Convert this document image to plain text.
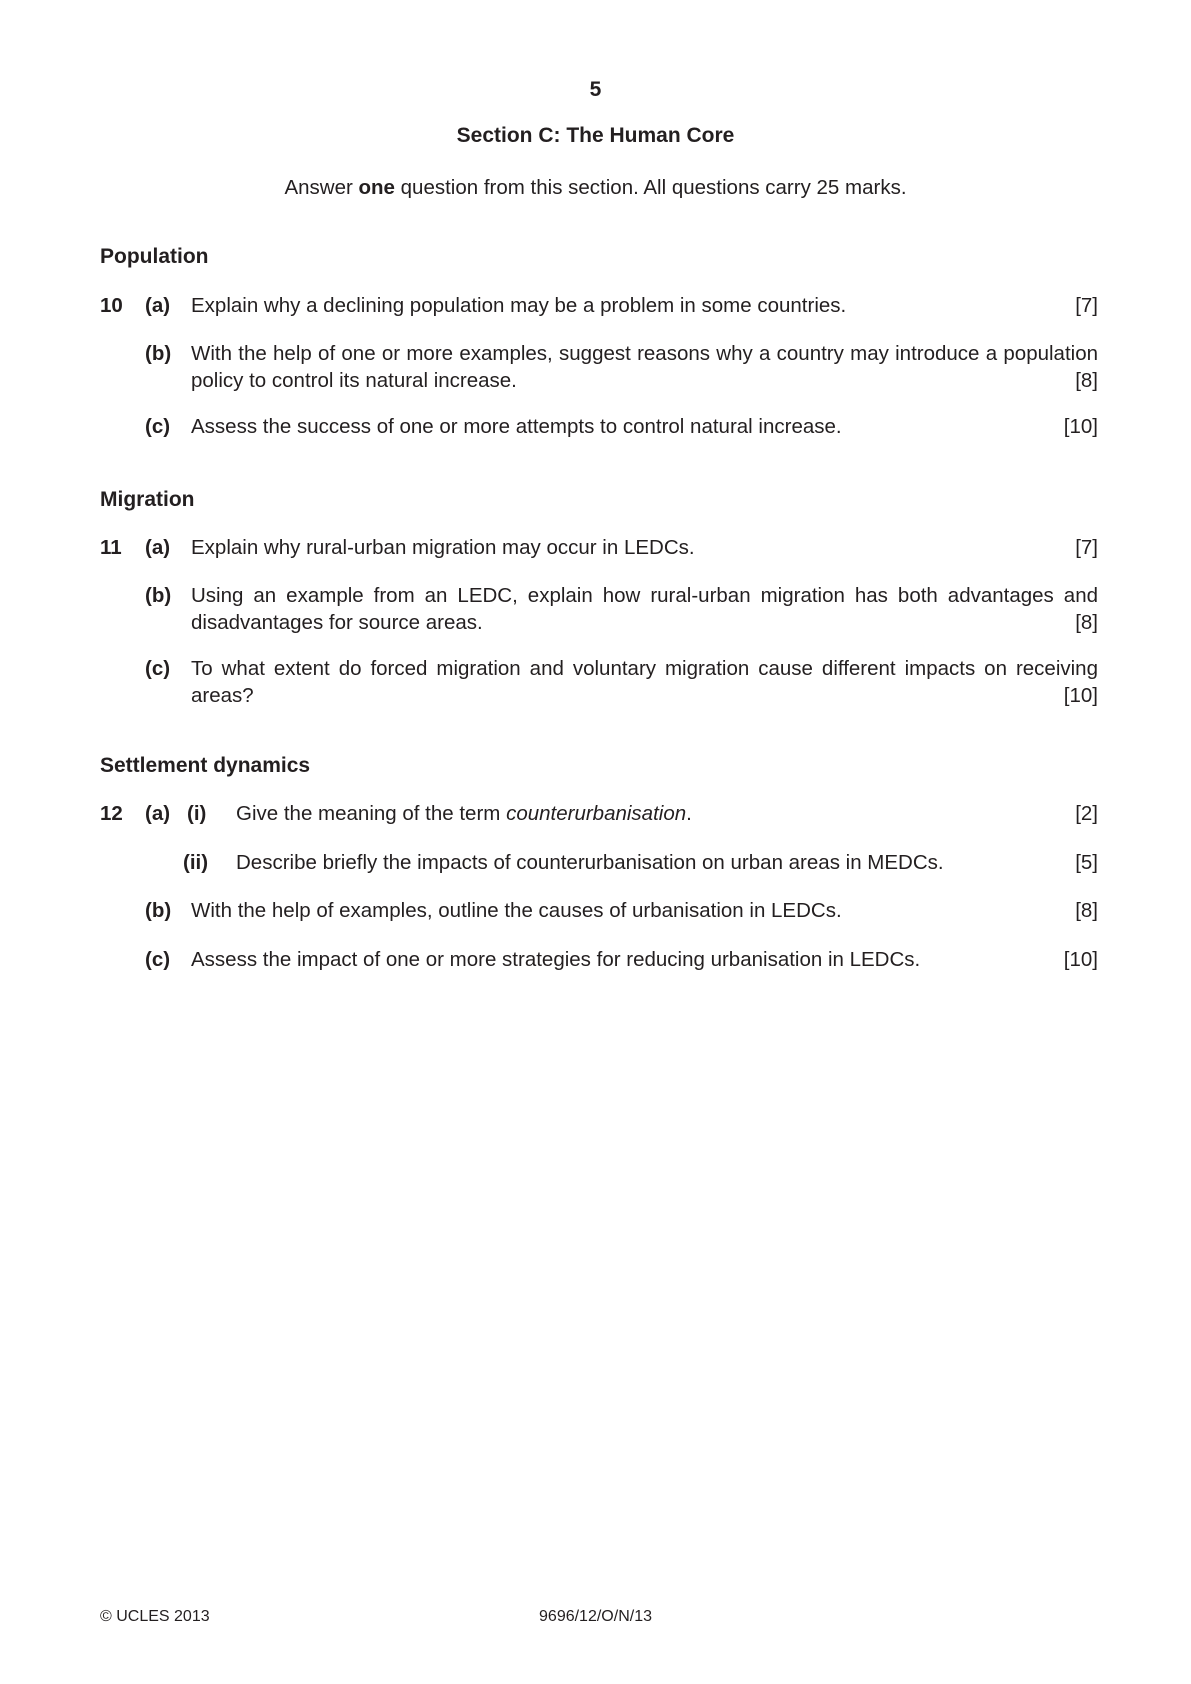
5
Section C: The Human Core
Answer one question from this section. All questions carry 25 marks.
Population
10 (a) Explain why a declining population may be a problem in some countries.	[7]
(b) With the help of one or more examples, suggest reasons why a country may introduce a population policy to control its natural increase.	[8]
(c) Assess the success of one or more attempts to control natural increase.	[10]
Migration
11 (a) Explain why rural-urban migration may occur in LEDCs.	[7]
(b) Using an example from an LEDC, explain how rural-urban migration has both advantages and disadvantages for source areas.	[8]
(c) To what extent do forced migration and voluntary migration cause different impacts on receiving areas?	[10]
Settlement dynamics
12 (a) (i) Give the meaning of the term counterurbanisation.	[2]
(ii) Describe briefly the impacts of counterurbanisation on urban areas in MEDCs.	[5]
(b) With the help of examples, outline the causes of urbanisation in LEDCs.	[8]
(c) Assess the impact of one or more strategies for reducing urbanisation in LEDCs.	[10]
© UCLES 2013	9696/12/O/N/13
